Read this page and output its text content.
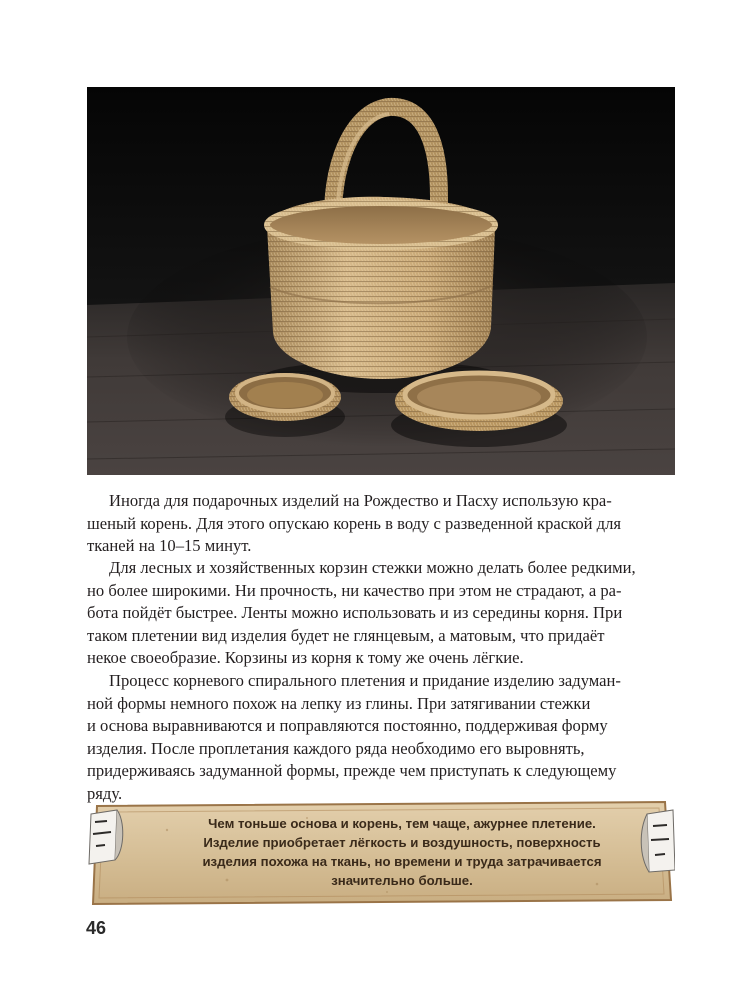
Иногда для подарочных изделий на Рождество и Пасху использую кра-
шеный корень. Для этого опускаю корень в воду с разведенной краской для
тканей на 10–15 минут.
Для лесных и хозяйственных корзин стежки можно делать более редкими,
но более широкими. Ни прочность, ни качество при этом не страдают, а ра-
бота пойдёт быстрее. Ленты можно использовать и из середины корня. При
таком плетении вид изделия будет не глянцевым, а матовым, что придаёт
некое своеобразие. Корзины из корня к тому же очень лёгкие.
Процесс корневого спирального плетения и придание изделию задуман-
ной формы немного похож на лепку из глины. При затягивании стежки
и основа выравниваются и поправляются постоянно, поддерживая форму
изделия. После проплетания каждого ряда необходимо его выровнять,
придерживаясь задуманной формы, прежде чем приступать к следующему
ряду.
Чем тоньше основа и корень, тем чаще, ажурнее плетение.
Изделие приобретает лёгкость и воздушность, поверхность
изделия похожа на ткань, но времени и труда затрачивается
значительно больше.
46
